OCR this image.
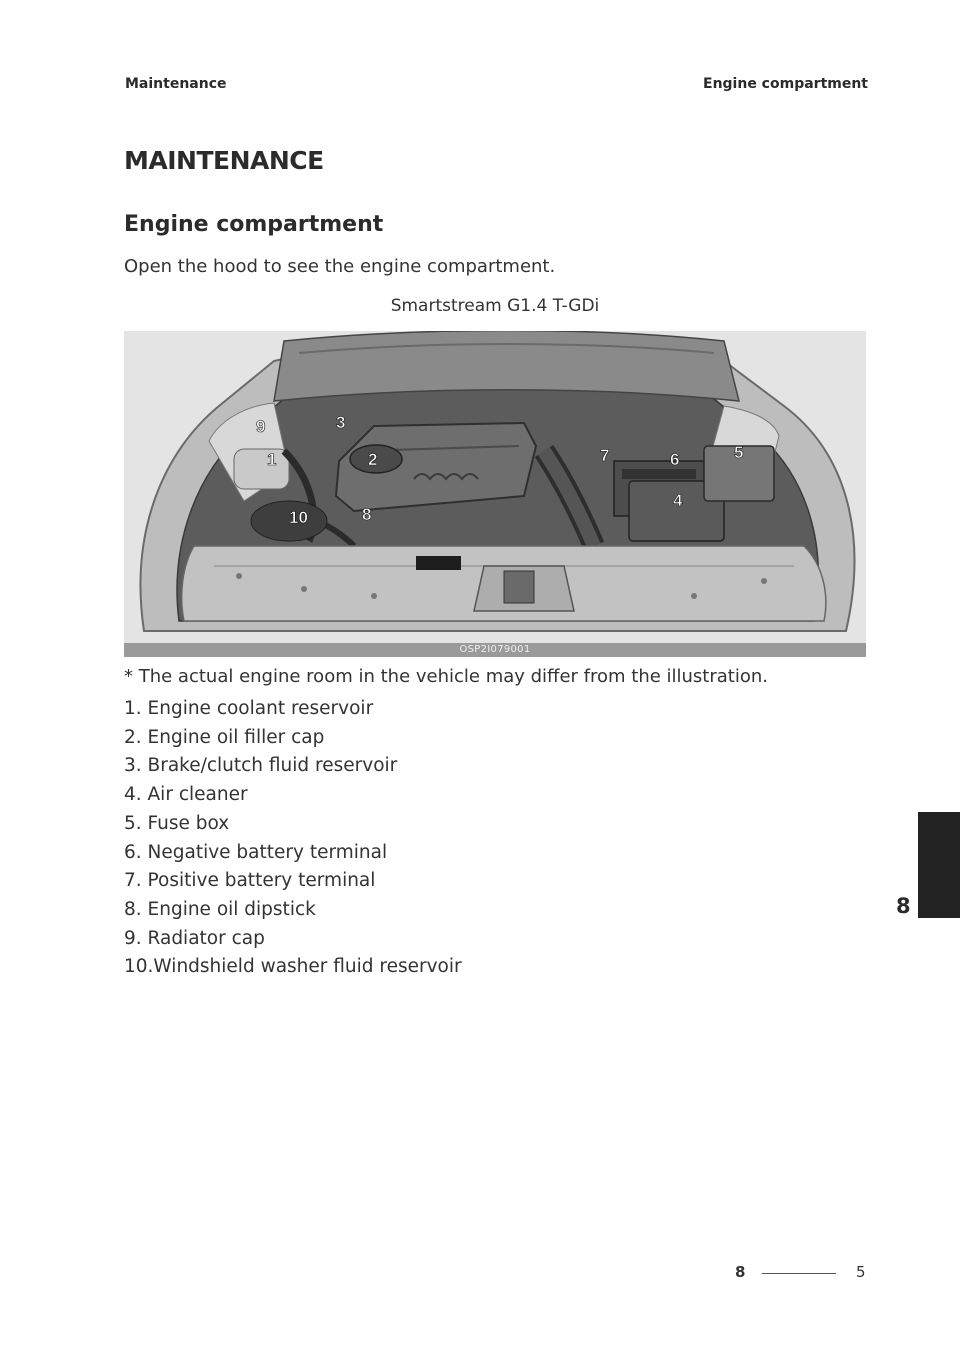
Maintenance	Engine compartment
MAINTENANCE
Engine compartment
Open the hood to see the engine compartment.
Smartstream G1.4 T-GDi
9	3
1	2
10	8
7	6	5
4
OSP2I079001
* The actual engine room in the vehicle may differ from the illustration.
1. Engine coolant reservoir
2. Engine oil filler cap
3. Brake/clutch fluid reservoir
4. Air cleaner
5. Fuse box
6. Negative battery terminal
7. Positive battery terminal
8. Engine oil dipstick
9. Radiator cap
10.Windshield washer fluid reservoir
8
8	5
